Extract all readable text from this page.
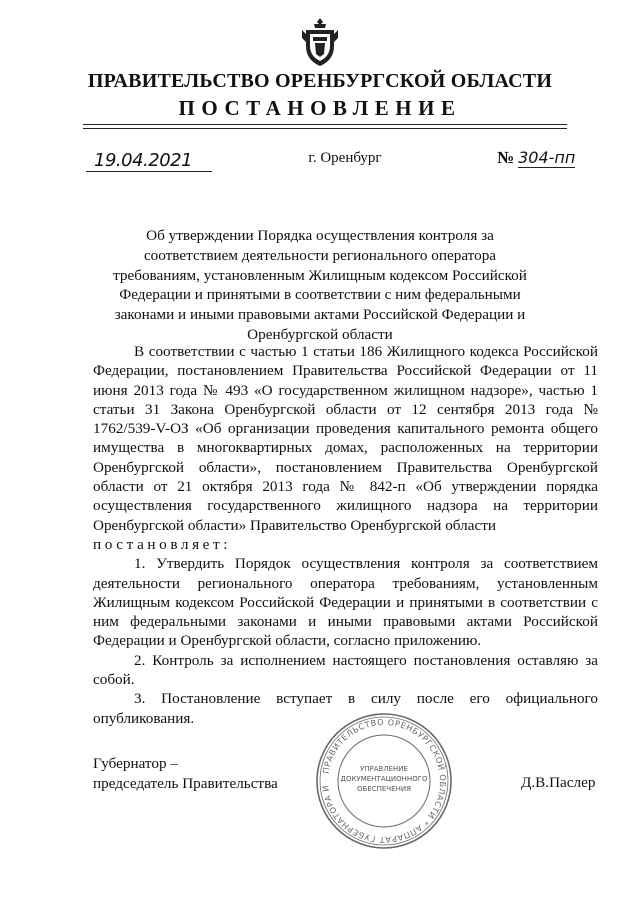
ПРАВИТЕЛЬСТВО ОРЕНБУРГСКОЙ ОБЛАСТИ
ПОСТАНОВЛЕНИЕ
19.04.2021	г. Оренбург	№ 304-пп
Об утверждении Порядка осуществления контроля за соответствием деятельности регионального оператора требованиям, установленным Жилищным кодексом Российской Федерации и принятыми в соответствии с ним федеральными законами и иными правовыми актами Российской Федерации и Оренбургской области

В соответствии с частью 1 статьи 186 Жилищного кодекса Российской Федерации, постановлением Правительства Российской Федерации от 11 июня 2013 года № 493 «О государственном жилищном надзоре», частью 1 статьи 31 Закона Оренбургской области от 12 сентября 2013 года № 1762/539-V-ОЗ «Об организации проведения капитального ремонта общего имущества в многоквартирных домах, расположенных на территории Оренбургской области», постановлением Правительства Оренбургской области от 21 октября 2013 года № 842-п «Об утверждении порядка осуществления государственного жилищного надзора на территории Оренбургской области» Правительство Оренбургской области

постановляет:

1. Утвердить Порядок осуществления контроля за соответствием деятельности регионального оператора требованиям, установленным Жилищным кодексом Российской Федерации и принятыми в соответствии с ним федеральными законами и иными правовыми актами Российской Федерации и Оренбургской области, согласно приложению.

2. Контроль за исполнением настоящего постановления оставляю за собой.

3. Постановление вступает в силу после его официального опубликования.

Губернатор –
председатель Правительства	Д.В.Паслер
ПРАВИТЕЛЬСТВО ОРЕНБУРГСКОЙ ОБЛАСТИ * АППАРАТ ГУБЕРНАТОРА И
УПРАВЛЕНИЕ
ДОКУМЕНТАЦИОННОГО
ОБЕСПЕЧЕНИЯ
